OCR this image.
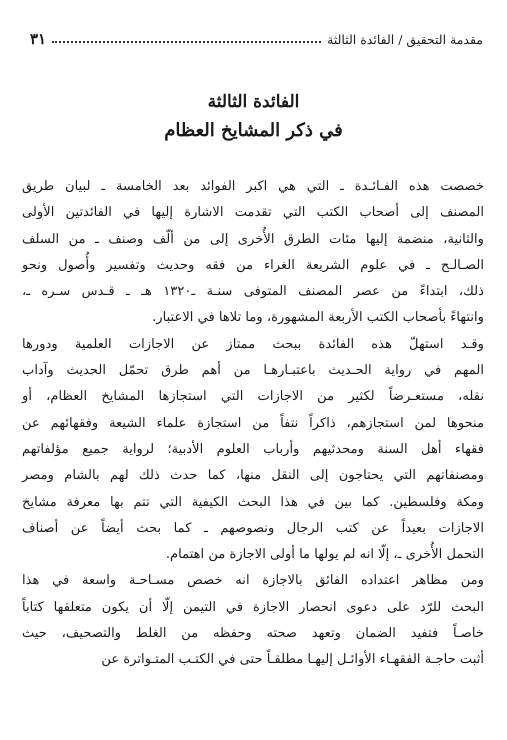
مقدمة التحقيق / الفائدة الثالثة
٣١
الفائدة الثالثة
في ذكر المشايخ العظام

خصصت هذه الفـائـدة ـ التي هي اكبر الفوائد بعد الخامسة ـ لبيان طريق
المصنف إلى أصحاب الكتب التي تقدمت الاشارة إليها في الفائدتين الأولى
والثانية، منضمة إليها مئات الطرق الأُخرى إلى من ألّف وصنف ـ من السلف
الصـالـح ـ في علوم الشريعة الغراء من فقه وحديث وتفسير وأُصول ونحو
ذلك، ابتداءً من عصر المصنف المتوفى سنـة ـ١٣٢٠ هـ ـ قـدس سـره ـ،
وانتهاءً بأصحاب الكتب الأربعة المشهورة، وما تلاها في الاعتبار.

وقـد استهلّ هذه الفائدة ببحث ممتاز عن الاجازات العلمية ودورها
المهم في رواية الحـديث باعتبـارهـا من أهم طرق تحمّل الحديث وآداب
نقله، مستعـرضاً لكثير من الاجازات التي استجازها المشايخ العظام، أو
منحوها لمن استجازهم، ذاكراً نتفاً من استجازة علماء الشيعة وفقهائهم عن
فقهاء أهل السنة ومحدثيهم وأرباب العلوم الأدبية؛ لرواية جميع مؤلفاتهم
ومصنفاتهم التي يحتاجون إلى النقل منها، كما حدث ذلك لهم بالشام ومصر
ومكة وفلسطين. كما بين في هذا البحث الكيفية التي تتم بها معرفة مشايخ
الاجازات بعيداً عن كتب الرجال ونصوصهم ـ كما بحث أيضاً عن أصناف
التحمل الأُخرى ـ، إلّا انه لم يولها ما أولى الاجازة من اهتمام.

ومن مظاهر اعتداده الفائق بالاجازة انه خصص مسـاحـة واسعة في هذا
البحث للرّد على دعوى انحصار الاجازة في التيمن إلّا أن يكون متعلقها كتاباً
خاصـاً فتفيد الضمان وتعهد صحته وحفظه من الغلط والتصحيف، حيث
أثبت حاجـة الفقهـاء الأوائـل إليهـا مطلقـاً حتى في الكتـب المتـواترة عن
